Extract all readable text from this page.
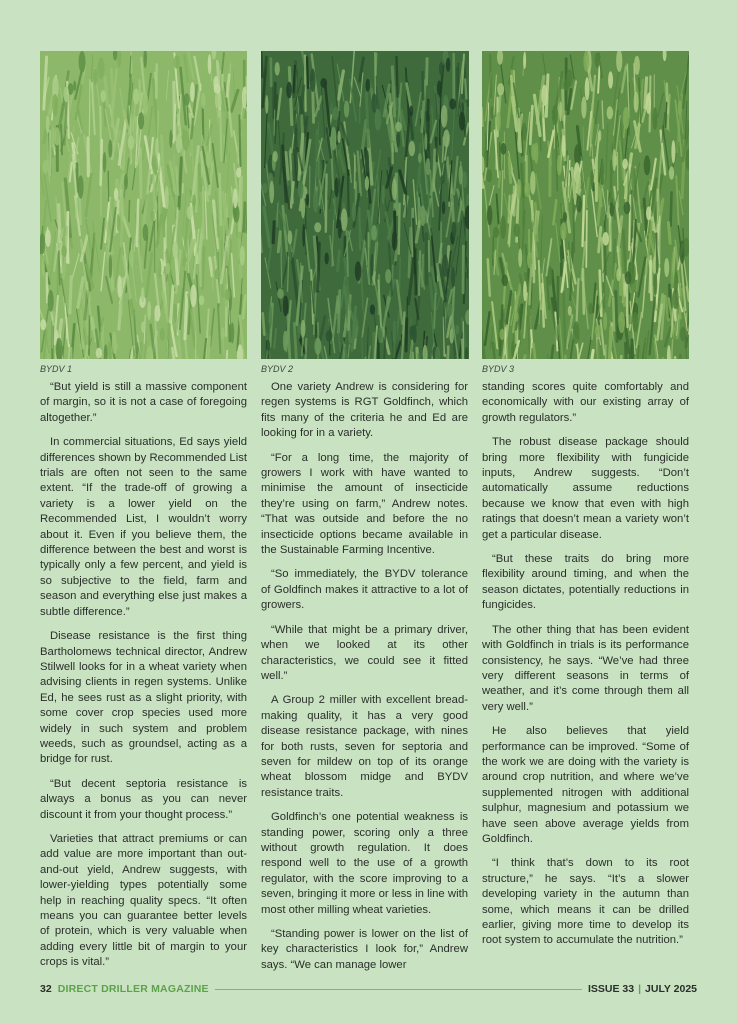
BYDV 1	BYDV 2	BYDV 3

“But yield is still a massive component of margin, so it is not a case of foregoing altogether.”

In commercial situations, Ed says yield differences shown by Recommended List trials are often not seen to the same extent. “If the trade-off of growing a variety is a lower yield on the Recommended List, I wouldn’t worry about it. Even if you believe them, the difference between the best and worst is typically only a few percent, and yield is so subjective to the field, farm and season and everything else just makes a subtle difference.”

Disease resistance is the first thing Bartholomews technical director, Andrew Stilwell looks for in a wheat variety when advising clients in regen systems. Unlike Ed, he sees rust as a slight priority, with some cover crop species used more widely in such system and problem weeds, such as groundsel, acting as a bridge for rust.

“But decent septoria resistance is always a bonus as you can never discount it from your thought process.”

Varieties that attract premiums or can add value are more important than out-and-out yield, Andrew suggests, with lower-yielding types potentially some help in reaching quality specs. “It often means you can guarantee better levels of protein, which is very valuable when adding every little bit of margin to your crops is vital.”

One variety Andrew is considering for regen systems is RGT Goldfinch, which fits many of the criteria he and Ed are looking for in a variety.

“For a long time, the majority of growers I work with have wanted to minimise the amount of insecticide they’re using on farm,” Andrew notes. “That was outside and before the no insecticide options became available in the Sustainable Farming Incentive.

“So immediately, the BYDV tolerance of Goldfinch makes it attractive to a lot of growers.

“While that might be a primary driver, when we looked at its other characteristics, we could see it fitted well.”

A Group 2 miller with excellent bread-making quality, it has a very good disease resistance package, with nines for both rusts, seven for septoria and seven for mildew on top of its orange wheat blossom midge and BYDV resistance traits.

Goldfinch’s one potential weakness is standing power, scoring only a three without growth regulation. It does respond well to the use of a growth regulator, with the score improving to a seven, bringing it more or less in line with most other milling wheat varieties.

“Standing power is lower on the list of key characteristics I look for,” Andrew says. “We can manage lower

standing scores quite comfortably and economically with our existing array of growth regulators.”

The robust disease package should bring more flexibility with fungicide inputs, Andrew suggests. “Don’t automatically assume reductions because we know that even with high ratings that doesn’t mean a variety won’t get a particular disease.

“But these traits do bring more flexibility around timing, and when the season dictates, potentially reductions in fungicides.

The other thing that has been evident with Goldfinch in trials is its performance consistency, he says. “We’ve had three very different seasons in terms of weather, and it’s come through them all very well.”

He also believes that yield performance can be improved. “Some of the work we are doing with the variety is around crop nutrition, and where we’ve supplemented nitrogen with additional sulphur, magnesium and potassium we have seen above average yields from Goldfinch.

“I think that’s down to its root structure,” he says. “It’s a slower developing variety in the autumn than some, which means it can be drilled earlier, giving more time to develop its root system to accumulate the nutrition.”

32 DIRECT DRILLER MAGAZINE	ISSUE 33 | JULY 2025
